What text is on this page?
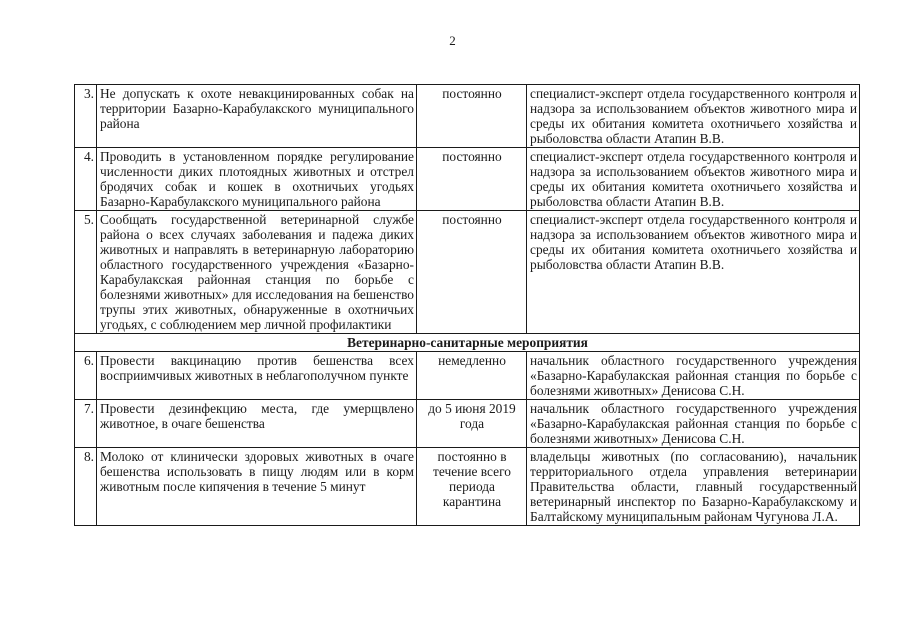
2
3.	Не допускать к охоте невакцинированных собак на территории Базарно-Карабулакского муниципального района	постоянно	специалист-эксперт отдела государственного контроля и надзора за использованием объектов животного мира и среды их обитания комитета охотничьего хозяйства и рыболовства области Атапин В.В.
4.	Проводить в установленном порядке регулирование численности диких плотоядных животных и отстрел бродячих собак и кошек в охотничьих угодьях Базарно-Карабулакского муниципального района	постоянно	специалист-эксперт отдела государственного контроля и надзора за использованием объектов животного мира и среды их обитания комитета охотничьего хозяйства и рыболовства области Атапин В.В.
5.	Сообщать государственной ветеринарной службе района о всех случаях заболевания и падежа диких животных и направлять в ветеринарную лабораторию областного государственного учреждения «Базарно-Карабулакская районная станция по борьбе с болезнями животных» для исследования на бешенство трупы этих животных, обнаруженные в охотничьих угодьях, с соблюдением мер личной профилактики	постоянно	специалист-эксперт отдела государственного контроля и надзора за использованием объектов животного мира и среды их обитания комитета охотничьего хозяйства и рыболовства области Атапин В.В.
Ветеринарно-санитарные мероприятия			
6.	Провести вакцинацию против бешенства всех восприимчивых животных в неблагополучном пункте	немедленно	начальник областного государственного учреждения «Базарно-Карабулакская районная станция по борьбе с болезнями животных» Денисова С.Н.
7.	Провести дезинфекцию места, где умерщвлено животное, в очаге бешенства	до 5 июня 2019 года	начальник областного государственного учреждения «Базарно-Карабулакская районная станция по борьбе с болезнями животных» Денисова С.Н.
8.	Молоко от клинически здоровых животных в очаге бешенства использовать в пищу людям или в корм животным после кипячения в течение 5 минут	постоянно в течение всего периода карантина	владельцы животных (по согласованию), начальник территориального отдела управления ветеринарии Правительства области, главный государственный ветеринарный инспектор по Базарно-Карабулакскому и Балтайскому муниципальным районам Чугунова Л.А.
